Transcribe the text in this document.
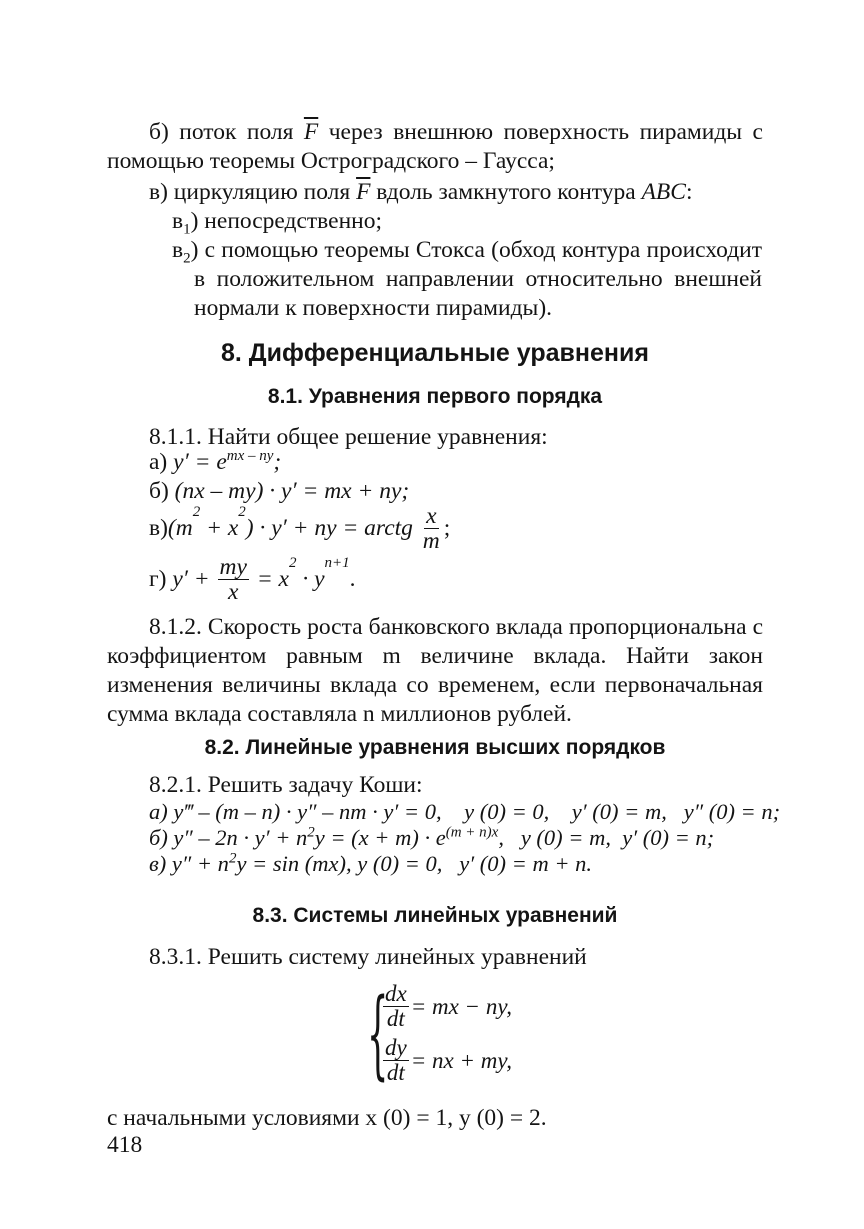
б) поток поля $\overline{F}$ через внешнюю поверхность пирамиды с помощью теоремы Остроградского – Гаусса;

в) циркуляцию поля $\overline{F}$ вдоль замкнутого контура ABC:

$в_1$) непосредственно;

$в_2$) с помощью теоремы Стокса (обход контура происходит в положительном направлении относительно внешней нормали к поверхности пирамиды).

8. Дифференциальные уравнения
8.1. Уравнения первого порядка

8.1.1. Найти общее решение уравнения:

а) $y' = e^{mx - ny}$;

б) (nx – my) · y′ = mx + ny;

в) (m
2
+ x
2
) · y′ + ny = arctg $\frac{x}{m}$ ;
г) $y' + \frac{my}{x} = x$
2
· y
n+1
.

8.1.2. Скорость роста банковского вклада пропорциональна с коэффициентом равным m величине вклада. Найти закон изменения величины вклада со временем, если первоначальная сумма вклада составляла n миллионов рублей.

8.2. Линейные уравнения высших порядков

8.2.1. Решить задачу Коши:

а) y‴ – (m – n) · y″ – nm · y′ = 0,    y (0) = 0,    y′ (0) = m,   y″ (0) = n;

б) $y'' - 2n \cdot y' + n^2y = (x + m) \cdot e^{(m + n)x}$,   y (0) = m,  y′ (0) = n;

в) $y'' + n^2y = \sin (mx)$, y (0) = 0,   y′ (0) = m + n.

8.3. Системы линейных уравнений

8.3.1. Решить систему линейных уравнений

{
$\frac{dx}{dt}$ = mx − ny,
$\frac{dy}{dt}$ = nx + my,

с начальными условиями x (0) = 1, y (0) = 2.

418
